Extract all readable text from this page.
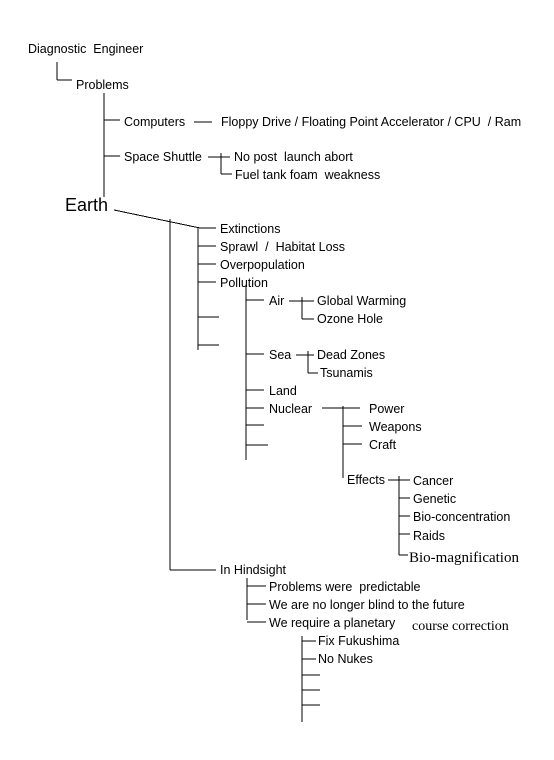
Diagnostic  Engineer
Problems
Computers	Floppy Drive / Floating Point Accelerator / CPU  / Ram
Space Shuttle	No post  launch abort
Fuel tank foam  weakness
Earth
Extinctions
Sprawl  /  Habitat Loss
Overpopulation
Pollution
Air
Sea
Land
Nuclear
Global Warming
Ozone Hole
Dead Zones
Tsunamis
Power
Weapons
Craft
Effects Cancer
Genetic
Bio-concentration
Raids
Bio-magnification
In Hindsight
Problems were  predictable
We are no longer blind to the future
We require a planetary course correction
Fix Fukushima
No Nukes
